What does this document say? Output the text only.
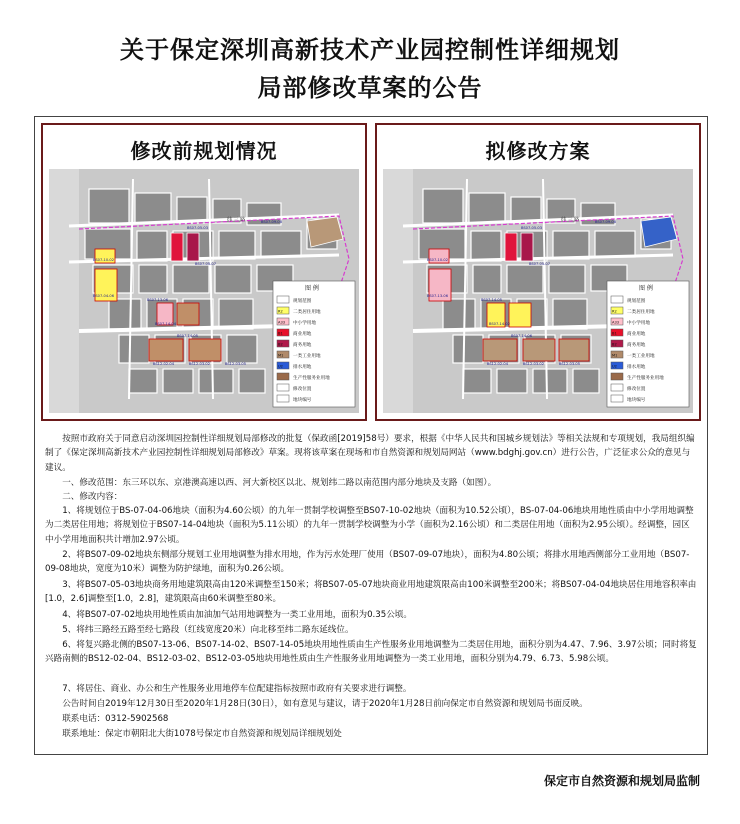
关于保定深圳高新技术产业园控制性详细规划
局部修改草案的公告
修改前规划情况
纬 三 路	BS07-09-08
BS07-05-03
BS07-05-07
BS07-10-02
BS07-04-06
BS07-14-04
BS07-13-06
BS07-14-05
BS12-02-04	BS12-03-02	BS12-03-05
图 例
规划范围
R2 二类居住用地
A33 中小学用地
B1 商业用地
B2 商务用地
M1 一类工业用地
U2 排水用地
生产性服务业用地
修改位置
地块编号
拟修改方案
纬 三 路	BS07-09-08
BS07-05-03
BS07-05-07
BS07-10-02
BS07-13-06
BS07-14-02
BS07-14-05
BS07-14-06
BS12-02-04	BS12-03-02	BS12-03-05
图 例
规划范围
R2 二类居住用地
A33 中小学用地
B1 商业用地
B2 商务用地
M1 一类工业用地
U2 排水用地
生产性服务业用地
修改位置
地块编号

按照市政府关于同意启动深圳园控制性详细规划局部修改的批复（保政函[2019]58号）要求，根据《中华人民共和国城乡规划法》等相关法规和专项规划，我局组织编制了《保定深圳高新技术产业园控制性详细规划局部修改》草案。现将该草案在现场和市自然资源和规划局网站（www.bdghj.gov.cn）进行公告，广泛征求公众的意见与建议。

一、修改范围：东三环以东、京港澳高速以西、河大新校区以北、规划纬二路以南范围内部分地块及支路（如图）。

二、修改内容：

1、将规划位于BS-07-04-06地块（面积为4.60公顷）的九年一贯制学校调整至BS07-10-02地块（面积为10.52公顷），BS-07-04-06地块用地性质由中小学用地调整为二类居住用地；将规划位于BS07-14-04地块（面积为5.11公顷）的九年一贯制学校调整为小学（面积为2.16公顷）和二类居住用地（面积为2.95公顷）。经调整，园区中小学用地面积共计增加2.97公顷。

2、将BS07-09-02地块东侧部分规划工业用地调整为排水用地，作为污水处理厂使用（BS07-09-07地块），面积为4.80公顷；将排水用地西侧部分工业用地（BS07-09-08地块，宽度为10米）调整为防护绿地，面积为0.26公顷。

3、将BS07-05-03地块商务用地建筑限高由120米调整至150米；将BS07-05-07地块商业用地建筑限高由100米调整至200米；将BS07-04-04地块居住用地容积率由[1.0，2.6]调整至[1.0，2.8]，建筑限高由60米调整至80米。

4、将BS07-07-02地块用地性质由加油加气站用地调整为一类工业用地，面积为0.35公顷。

5、将纬三路经五路至经七路段（红线宽度20米）向北移至纬二路东延线位。

6、将复兴路北侧的BS07-13-06、BS07-14-02、BS07-14-05地块用地性质由生产性服务业用地调整为二类居住用地，面积分别为4.47、7.96、3.97公顷；同时将复兴路南侧的BS12-02-04、BS12-03-02、BS12-03-05地块用地性质由生产性服务业用地调整为一类工业用地，面积分别为4.79、6.73、5.98公顷。

7、将居住、商业、办公和生产性服务业用地停车位配建指标按照市政府有关要求进行调整。

公告时间自2019年12月30日至2020年1月28日(30日），如有意见与建议，请于2020年1月28日前向保定市自然资源和规划局书面反映。

联系电话：0312-5902568

联系地址：保定市朝阳北大街1078号保定市自然资源和规划局详细规划处

保定市自然资源和规划局监制
